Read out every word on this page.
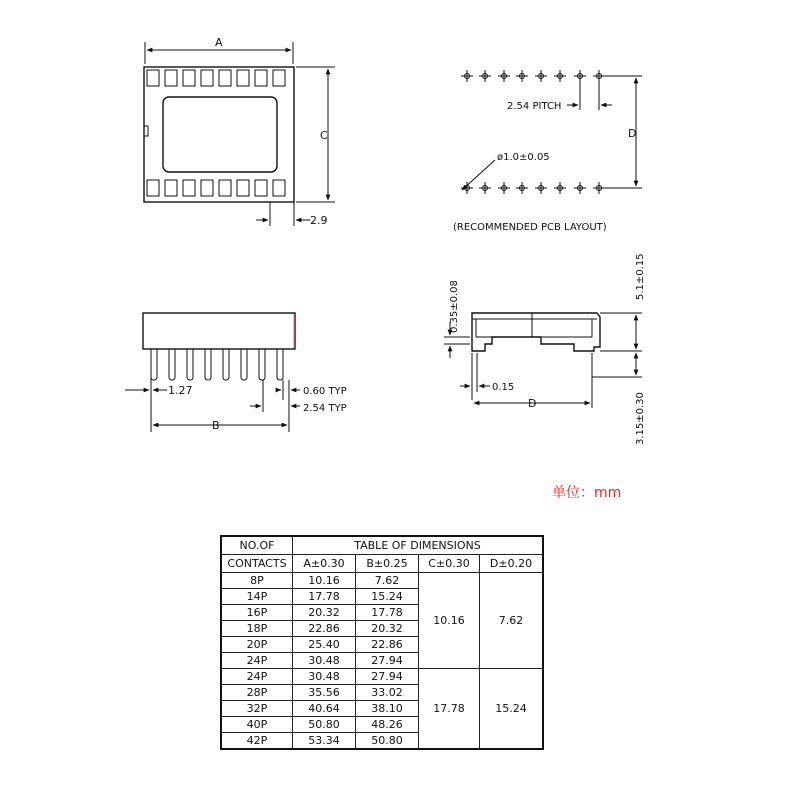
A
C
2.9
2.54 PITCH
D
ø1.0±0.05
(RECOMMENDED PCB LAYOUT)
1.27	0.60 TYP
2.54 TYP
B
0.35±0.08
5.1±0.15
3.15±0.30
0.15
D
单位：mm
NO.OF	TABLE OF DIMENSIONS			
CONTACTS	A±0.30	B±0.25	C±0.30	D±0.20
8P	10.16	7.62	10.16	7.62
14P	17.78	15.24		
16P	20.32	17.78		
18P	22.86	20.32		
20P	25.40	22.86		
24P	30.48	27.94		
24P	30.48	27.94	17.78	15.24
28P	35.56	33.02		
32P	40.64	38.10		
40P	50.80	48.26		
42P	53.34	50.80		
